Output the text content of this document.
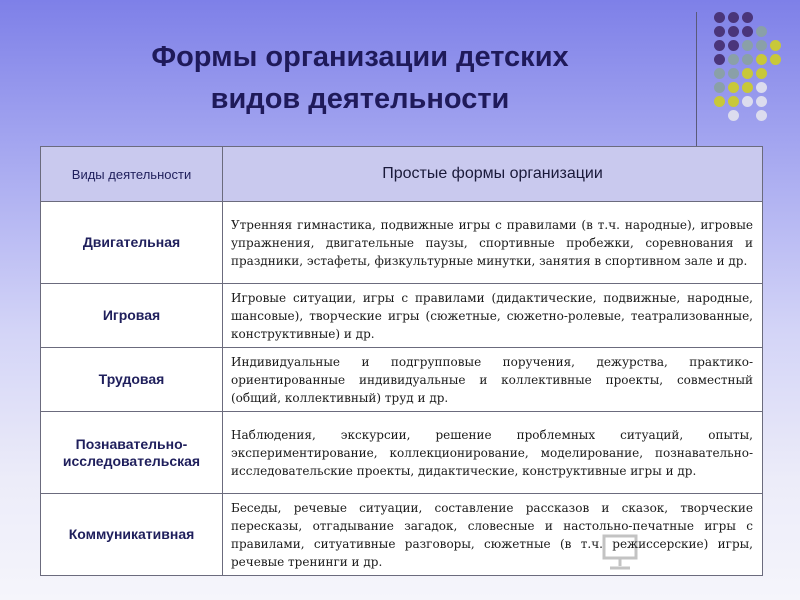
Формы организации детских
видов деятельности
Виды деятельности	Простые формы организации
Двигательная	Утренняя гимнастика, подвижные игры с правилами (в т.ч. народные), игровые упражнения, двигательные паузы, спортивные пробежки, соревнования и праздники, эстафеты, физкультурные минутки, занятия в спортивном зале и др.
Игровая	Игровые ситуации, игры с правилами (дидактические, подвижные, народные, шансовые), творческие игры (сюжетные, сюжетно-ролевые, театрализованные, конструктивные) и др.
Трудовая	Индивидуальные и подгрупповые поручения, дежурства, практико-ориентированные индивидуальные и коллективные проекты, совместный (общий, коллективный) труд и др.
Познавательно-исследовательская	Наблюдения, экскурсии, решение проблемных ситуаций, опыты, экспериментирование, коллекционирование, моделирование, познавательно-исследовательские проекты, дидактические, конструктивные игры и др.
Коммуникативная	Беседы, речевые ситуации, составление рассказов и сказок, творческие пересказы, отгадывание загадок, словесные и настольно-печатные игры с правилами, ситуативные разговоры, сюжетные (в т.ч. режиссерские) игры, речевые тренинги и др.
